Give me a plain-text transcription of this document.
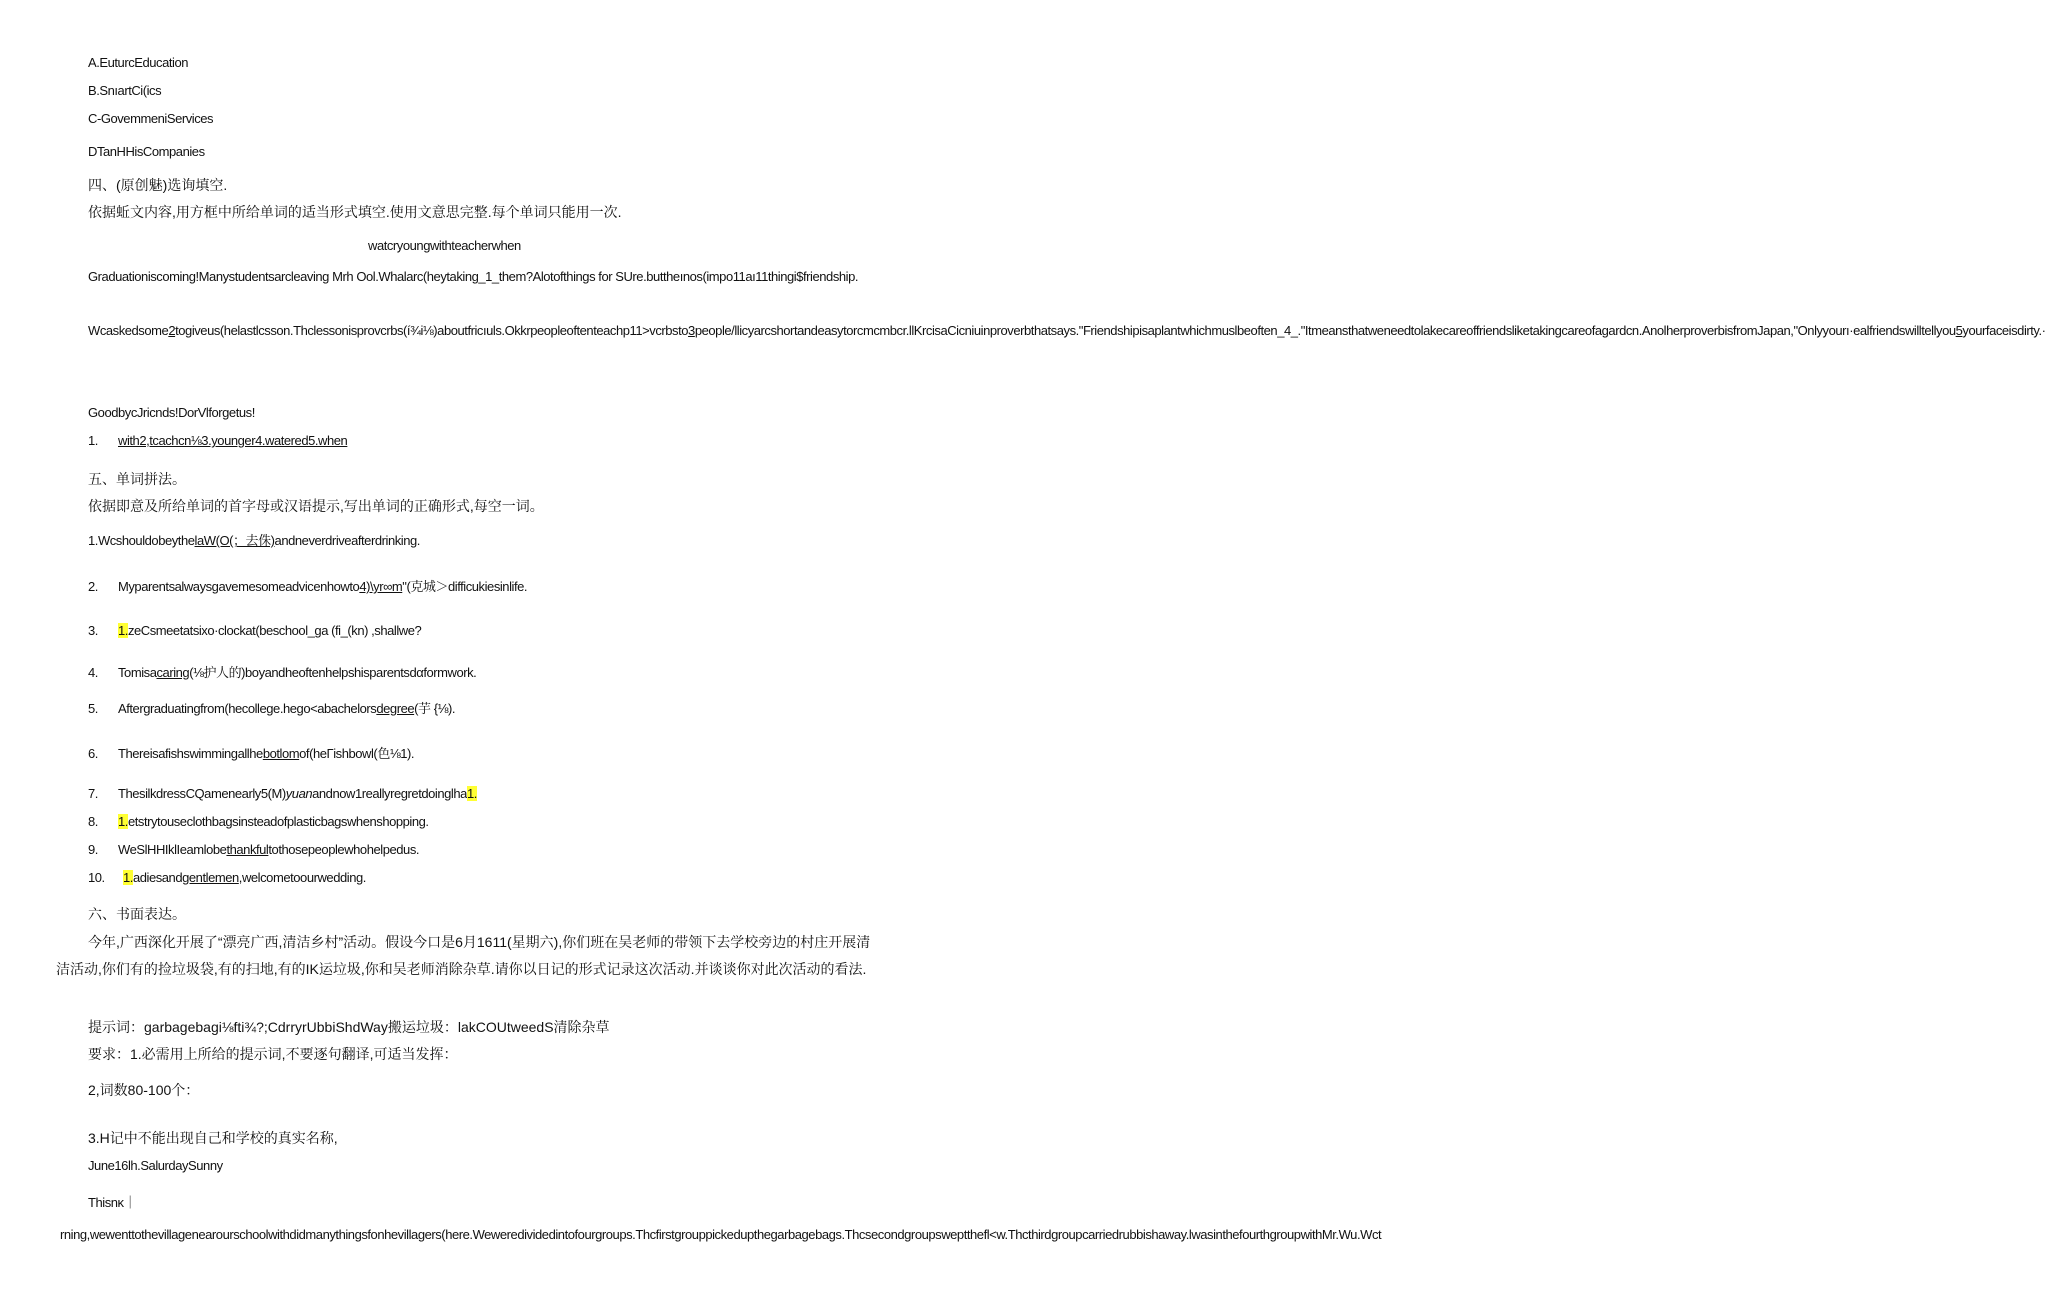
A.EuturcEducation
B.SnıartCi(ics
C-GovemmeniServices
DTanHHisCompanies
四、(原创魅)选询填空.
依据蚯文内容,用方框中所给单词的适当形式填空.使用文意思完整.每个单词只能用一次.
watcryoungwithteacherwhen
Graduationiscoming!Manystudentsarcleaving Mrh Ool.Whalarc(heytaking_1_them?Alotofthings for SUre.buttheınos(impo11aı11thingi$friendship.
Wcaskedsome2togiveus(helastlcsson.Thclessonisprovcrbs(í¾i⅛)aboutfricıuls.Okkrpeopleoftenteachp11>vcrbsto3people/llicyarcshortandeasytorcmcmbcr.llKrcisaCicniuinproverbthatsays."Friendshipisaplantwhichmuslbeoften_4_."Itmeansthatweneedtolakecareoffriendsliketakingcareofagardcn.AnolherproverbisfromJapan,"Onlyyourı·ealfriendswilltellyou5yourfaceisdirty.·
GoodbycJricnds!DorVlforgetus!
1. with2,tcachcn⅛3.younger4.watered5.when
五、单词拼法。
依据即意及所给单词的首字母或汉语提示,写出单词的正确形式,每空一词。
1.WcshouldobeythelaW(O(；去侏)andneverdriveafterdrinking.
2. Myparentsalwaysgavemesomeadvicenhowto4)\yr∞m"(克城＞difficukiesinlife.
3. 1.zeCsmeetatsixo·clockat(beschool_ga (fi_(kn) ,shallwe?
4. Tomisacaring(⅛护人的)boyandheoftenhelpshisparentsdαformwork.
5. Aftergraduatingfrom(hecollege.hego<abachelorsdegree(芋 {⅛).
6. Thereisafishswimmingallhebotlomof(heΓishbowl(色⅛1).
7. ThesilkdressCQamenearly5(M)yuanandnow1reallyregretdoinglha1.
8. 1.etstrytouseclothbagsinsteadofplasticbagswhenshopping.
9. WeSlHHIklIeamlobethankfultothosepeoplewhohelpedus.
10. 1.adiesandgentlemen,welcometoourwedding.
六、书面表达。
今年,广西深化开展了“漂亮广西,清洁乡村”活动。假设今口是6月1611(星期六),你们班在吴老师的带领下去学校旁边的村庄开展清洁活动,你们有的捡垃圾袋,有的扫地,有的IK运垃圾,你和吴老师消除杂草.请你以日记的形式记录这次活动.并谈谈你对此次活动的看法.
提示词：garbagebagi⅛fti¾?;CdrryrUbbiShdWay搬运垃圾：lakCOUtweedS清除杂草
要求：1.必需用上所给的提示词,不要逐句翻译,可适当发挥：
2,词数80-100个：
3.H记中不能出现自己和学校的真实名称,
June16lh.SalurdaySunny
Thisnκ｜rning,wewenttothevillagenearourschoolwithdidmanythingsfonhevillagers(here.Weweredividedintofourgroups.Thcfirstgrouppickedupthegarbagebags.Thcsecondgroupsweptthefl<w.Thcthirdgroupcarriedrubbishaway.lwasinthefourthgroupwithMr.Wu.Wct
